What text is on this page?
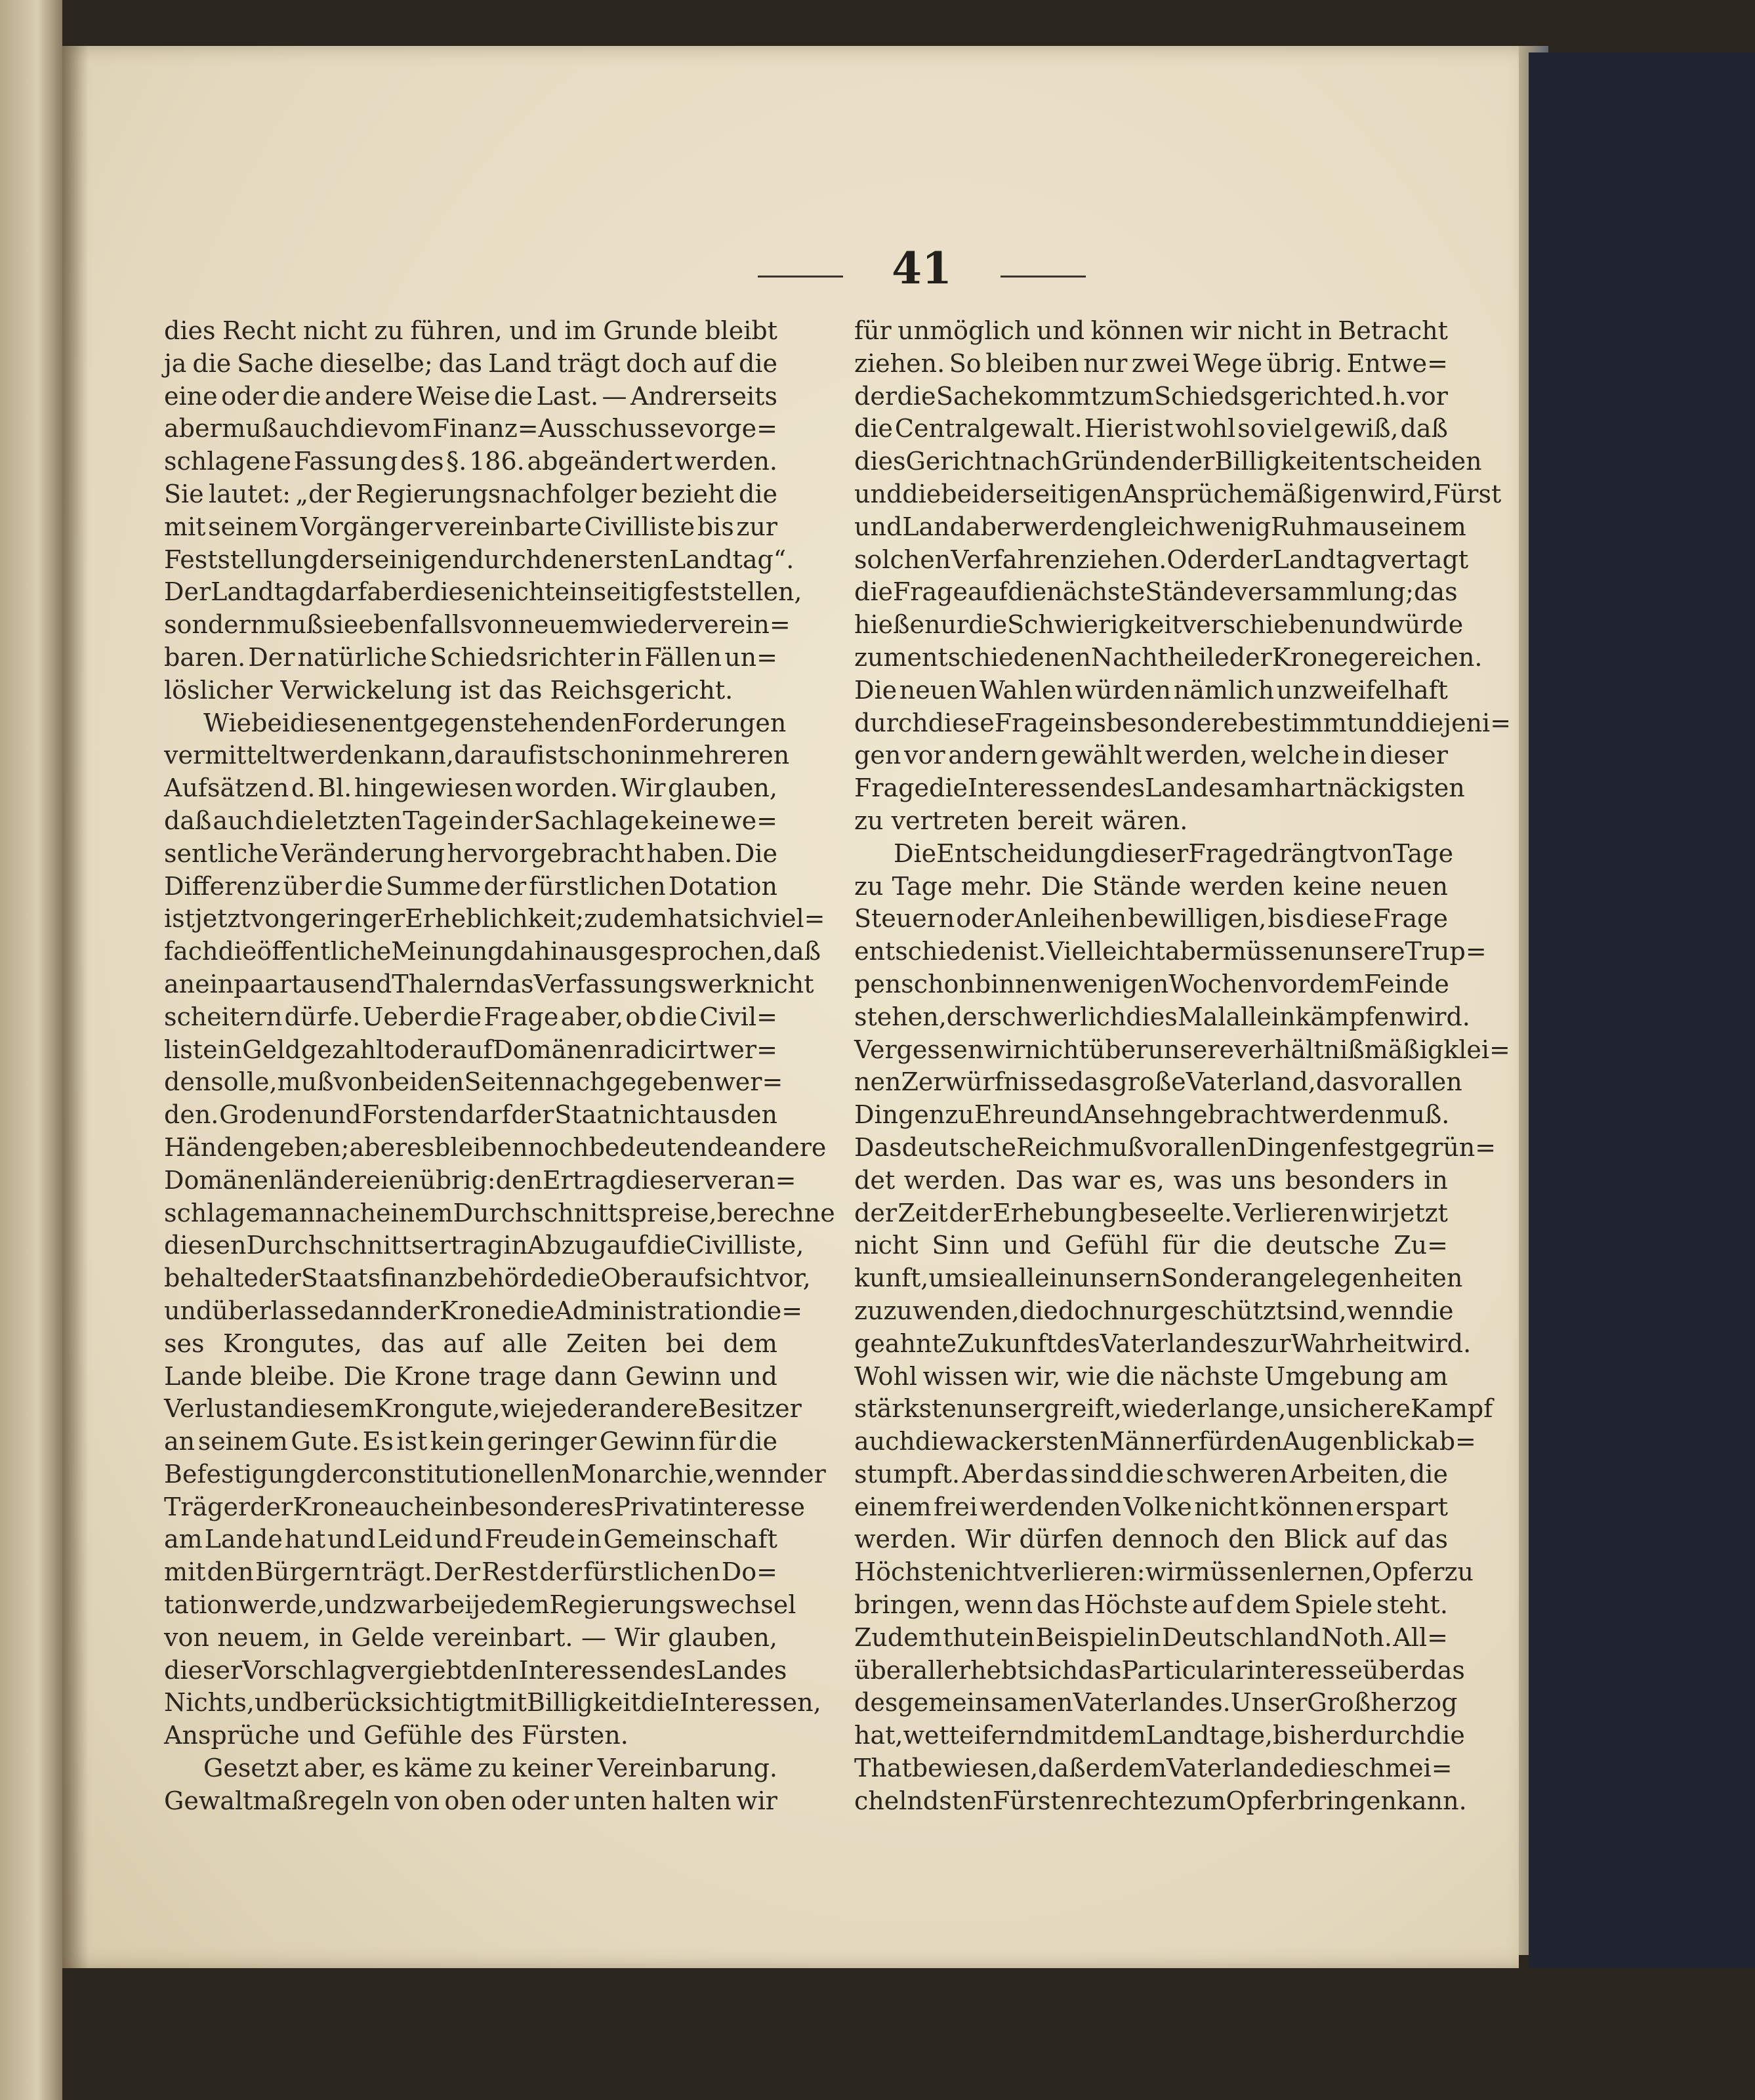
41
dies Recht nicht zu führen, und im Grunde bleibt
ja die Sache dieselbe; das Land trägt doch auf die
eine oder die andere Weise die Last. — Andrerseits
aber muß auch die vom Finanz=Ausschusse vorge=
schlagene Fassung des §. 186. abgeändert werden.
Sie lautet: „der Regierungsnachfolger bezieht die
mit seinem Vorgänger vereinbarte Civilliste bis zur
Feststellung der seinigen durch den ersten Landtag“.
Der Landtag darf aber diese nicht einseitig feststellen,
sondern muß sie ebenfalls von neuem wieder verein=
baren. Der natürliche Schiedsrichter in Fällen un=
löslicher Verwickelung ist das Reichsgericht.
Wie bei diesen entgegenstehenden Forderungen
vermittelt werden kann, darauf ist schon in mehreren
Aufsätzen d. Bl. hingewiesen worden. Wir glauben,
daß auch die letzten Tage in der Sachlage keine we=
sentliche Veränderung hervorgebracht haben. Die
Differenz über die Summe der fürstlichen Dotation
ist jetzt von geringer Erheblichkeit; zudem hat sich viel=
fach die öffentliche Meinung dahin ausgesprochen, daß
an ein paar tausend Thalern das Verfassungswerk nicht
scheitern dürfe. Ueber die Frage aber, ob die Civil=
liste in Geld gezahlt oder auf Domänen radicirt wer=
den solle, muß von beiden Seiten nachgegeben wer=
den. Groden und Forsten darf der Staat nicht aus den
Händen geben; aber es bleiben noch bedeutende andere
Domänenländereien übrig: den Ertrag dieser veran=
schlage man nach einem Durchschnittspreise, berechne
diesen Durchschnittsertrag in Abzug auf die Civilliste,
behalte der Staatsfinanzbehörde die Oberaufsicht vor,
und überlasse dann der Krone die Administration die=
ses Krongutes, das auf alle Zeiten bei dem
Lande bleibe. Die Krone trage dann Gewinn und
Verlust an diesem Krongute, wie jeder andere Besitzer
an seinem Gute. Es ist kein geringer Gewinn für die
Befestigung der constitutionellen Monarchie, wenn der
Träger der Krone auch ein besonderes Privatinteresse
am Lande hat und Leid und Freude in Gemeinschaft
mit den Bürgern trägt. Der Rest der fürstlichen Do=
tation werde, und zwar bei jedem Regierungswechsel
von neuem, in Gelde vereinbart. — Wir glauben,
dieser Vorschlag vergiebt den Interessen des Landes
Nichts, und berücksichtigt mit Billigkeit die Interessen,
Ansprüche und Gefühle des Fürsten.
Gesetzt aber, es käme zu keiner Vereinbarung.
Gewaltmaßregeln von oben oder unten halten wir
für unmöglich und können wir nicht in Betracht
ziehen. So bleiben nur zwei Wege übrig. Entwe=
der die Sache kommt zum Schiedsgerichte d. h. vor
die Centralgewalt. Hier ist wohl so viel gewiß, daß
dies Gericht nach Gründen der Billigkeit entscheiden
und die beiderseitigen Ansprüche mäßigen wird, Fürst
und Land aber werden gleich wenig Ruhm aus einem
solchen Verfahren ziehen. Oder der Landtag vertagt
die Frage auf die nächste Ständeversammlung; das
hieße nur die Schwierigkeit verschieben und würde
zum entschiedenen Nachtheile der Krone gereichen.
Die neuen Wahlen würden nämlich unzweifelhaft
durch diese Frage insbesondere bestimmt und diejeni=
gen vor andern gewählt werden, welche in dieser
Frage die Interessen des Landes am hartnäckigsten
zu vertreten bereit wären.
Die Entscheidung dieser Frage drängt von Tage
zu Tage mehr. Die Stände werden keine neuen
Steuern oder Anleihen bewilligen, bis diese Frage
entschieden ist. Vielleicht aber müssen unsere Trup=
pen schon binnen wenigen Wochen vor dem Feinde
stehen, der schwerlich dies Mal allein kämpfen wird.
Vergessen wir nicht über unsere verhältnißmäßig klei=
nen Zerwürfnisse das große Vaterland, das vor allen
Dingen zu Ehre und Ansehn gebracht werden muß.
Das deutsche Reich muß vor allen Dingen festgegrün=
det werden. Das war es, was uns besonders in
der Zeit der Erhebung beseelte. Verlieren wir jetzt
nicht Sinn und Gefühl für die deutsche Zu=
kunft, um sie allein unsern Sonderangelegenheiten
zuzuwenden, die doch nur geschützt sind, wenn die
geahnte Zukunft des Vaterlandes zur Wahrheit wird.
Wohl wissen wir, wie die nächste Umgebung am
stärksten uns ergreift, wie der lange, unsichere Kampf
auch die wackersten Männer für den Augenblick ab=
stumpft. Aber das sind die schweren Arbeiten, die
einem frei werdenden Volke nicht können erspart
werden. Wir dürfen dennoch den Blick auf das
Höchste nicht verlieren: wir müssen lernen, Opfer zu
bringen, wenn das Höchste auf dem Spiele steht.
Zudem thut ein Beispiel in Deutschland Noth. All=
überall erhebt sich das Particularinteresse über das
des gemeinsamen Vaterlandes. Unser Großherzog
hat, wetteifernd mit dem Landtage, bisher durch die
That bewiesen, daß er dem Vaterlande die schmei=
chelndsten Fürstenrechte zum Opfer bringen kann.
